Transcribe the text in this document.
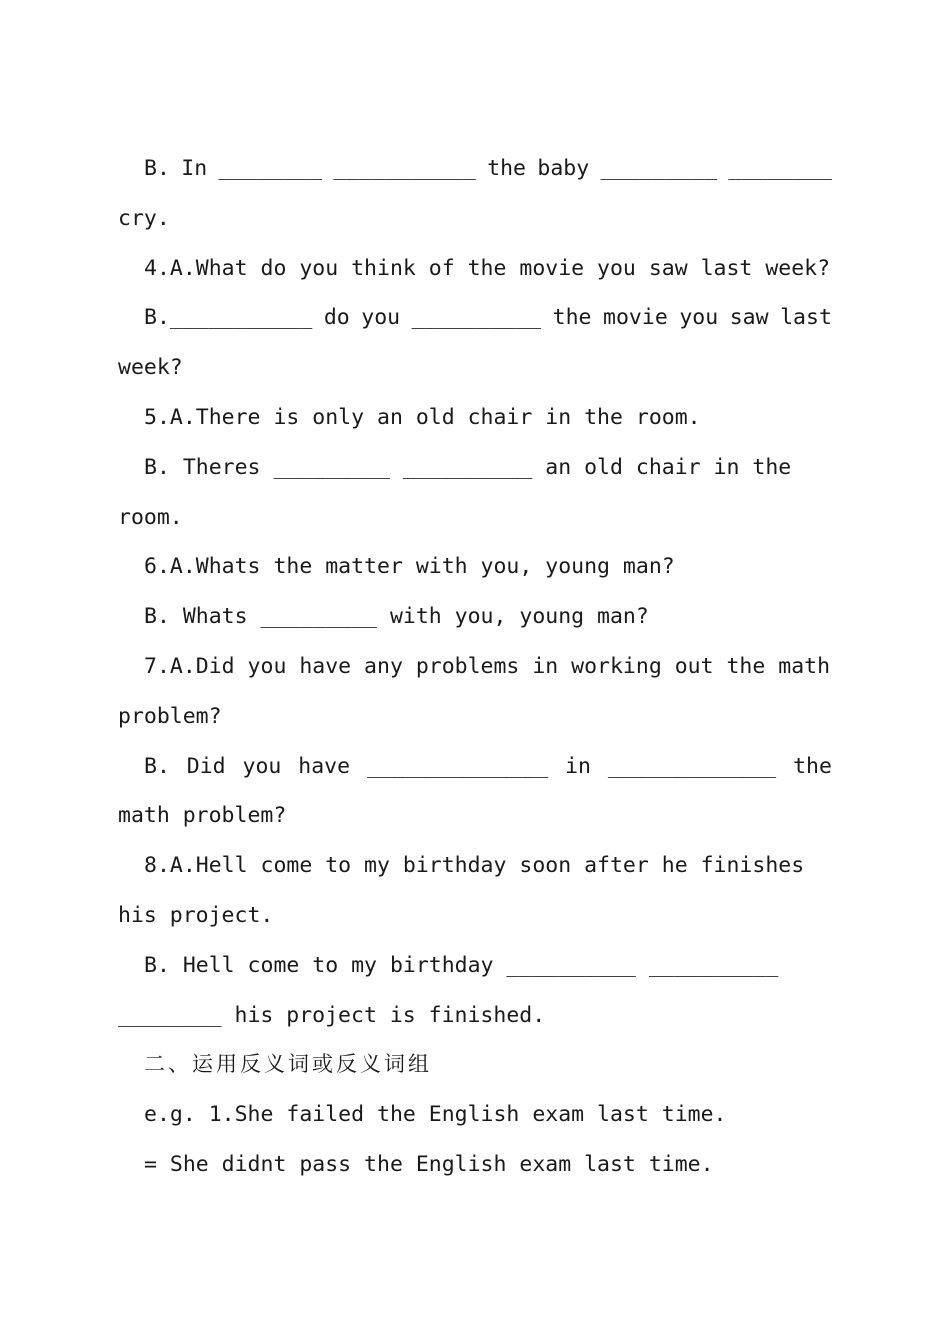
B. In ________ ___________ the baby _________ ________
cry.
4.A.What do you think of the movie you saw last week?
B.___________ do you __________ the movie you saw last
week?
5.A.There is only an old chair in the room.
B. Theres _________ __________ an old chair in the
room.
6.A.Whats the matter with you, young man?
B. Whats _________ with you, young man?
7.A.Did you have any problems in working out the math
problem?
B. Did you have ______________ in _____________ the
math problem?
8.A.Hell come to my birthday soon after he finishes
his project.
B. Hell come to my birthday __________ __________
________ his project is finished.
二、运用反义词或反义词组
e.g. 1.She failed the English exam last time.
= She didnt pass the English exam last time.
